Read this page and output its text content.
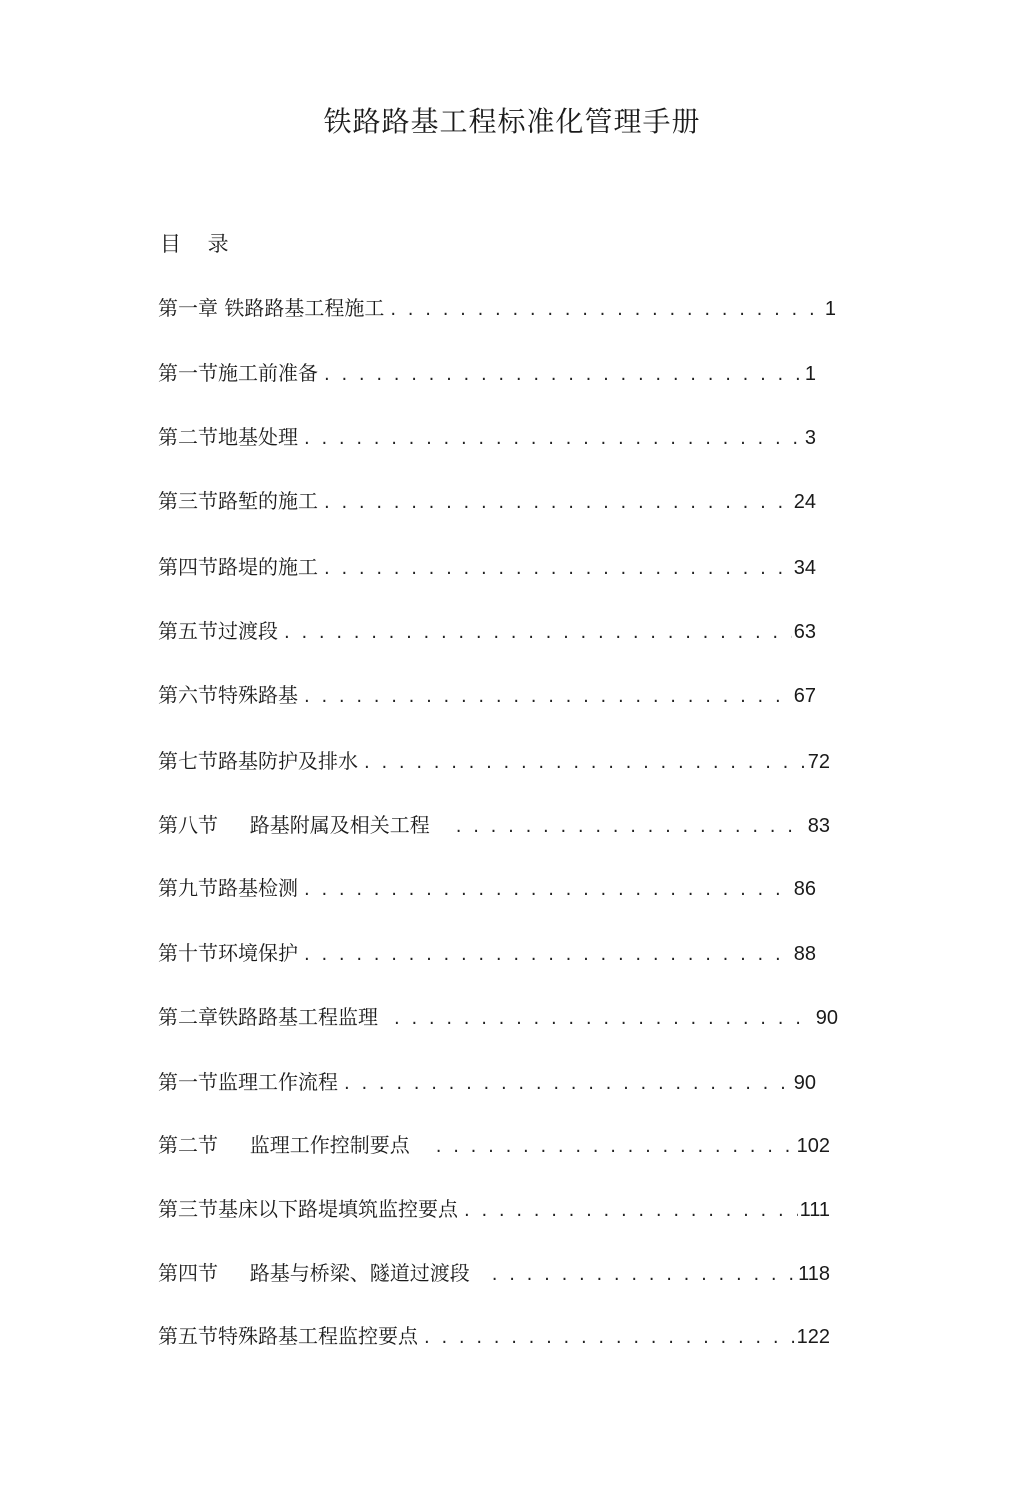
铁路路基工程标准化管理手册
目 录
第一章 铁路路基工程施工 . . .	1
第一节施工前准备 . . .	1
第二节地基处理 . . .	3
第三节路堑的施工 . . .	24
第四节路堤的施工 . . .	34
第五节过渡段 . . .	63
第六节特殊路基 . . .	67
第七节路基防护及排水 . . .	72
第八节     路基附属及相关工程 . . .	83
第九节路基检测 . . .	86
第十节环境保护 . . .	88
第二章铁路路基工程监理 . . .	90
第一节监理工作流程 . . .	90
第二节     监理工作控制要点 . . .	102
第三节基床以下路堤填筑监控要点 . . .	111
第四节     路基与桥梁、隧道过渡段 . . .	118
第五节特殊路基工程监控要点 . . .	122
